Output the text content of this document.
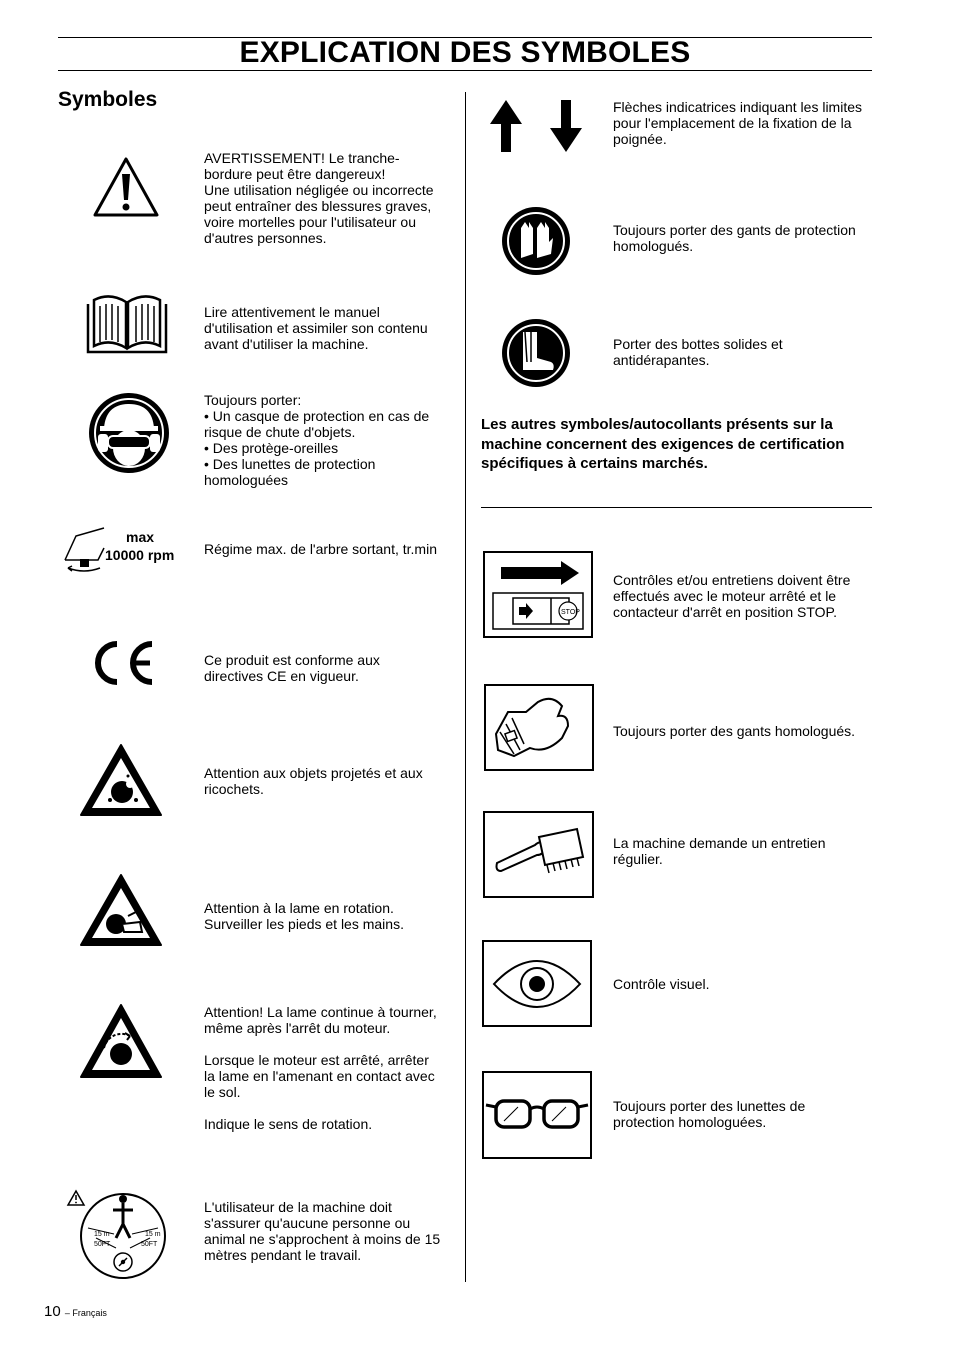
EXPLICATION DES SYMBOLES
Symboles
AVERTISSEMENT! Le tranche-
bordure peut être dangereux!
Une utilisation négligée ou incorrecte
peut entraîner des blessures graves,
voire mortelles pour l'utilisateur ou
d'autres personnes.
Lire attentivement le manuel
d'utilisation et assimiler son contenu
avant d'utiliser la machine.
Toujours porter:
• Un casque de protection en cas de
risque de chute d'objets.
• Des protège-oreilles
• Des lunettes de protection
homologuées
max
10000 rpm Régime max. de l'arbre sortant, tr.min
Ce produit est conforme aux
directives CE en vigueur.
Attention aux objets projetés et aux
ricochets.
Attention à la lame en rotation.
Surveiller les pieds et les mains.
Attention! La lame continue à tourner,
même après l'arrêt du moteur.

Lorsque le moteur est arrêté, arrêter
la lame en l'amenant en contact avec
le sol.

Indique le sens de rotation.
15 m
50FT
15 m
50FT
L'utilisateur de la machine doit
s'assurer qu'aucune personne ou
animal ne s'approchent à moins de 15
mètres pendant le travail.
Flèches indicatrices indiquant les limites
pour l'emplacement de la fixation de la
poignée.
Toujours porter des gants de protection
homologués.
Porter des bottes solides et
antidérapantes.
Les autres symboles/autocollants présents sur la
machine concernent des exigences de certification
spécifiques à certains marchés.
STOP
Contrôles et/ou entretiens doivent être
effectués avec le moteur arrêté et le
contacteur d'arrêt en position STOP.
Toujours porter des gants homologués.
La machine demande un entretien
régulier.
Contrôle visuel.
Toujours porter des lunettes de
protection homologuées.
10 – Français
